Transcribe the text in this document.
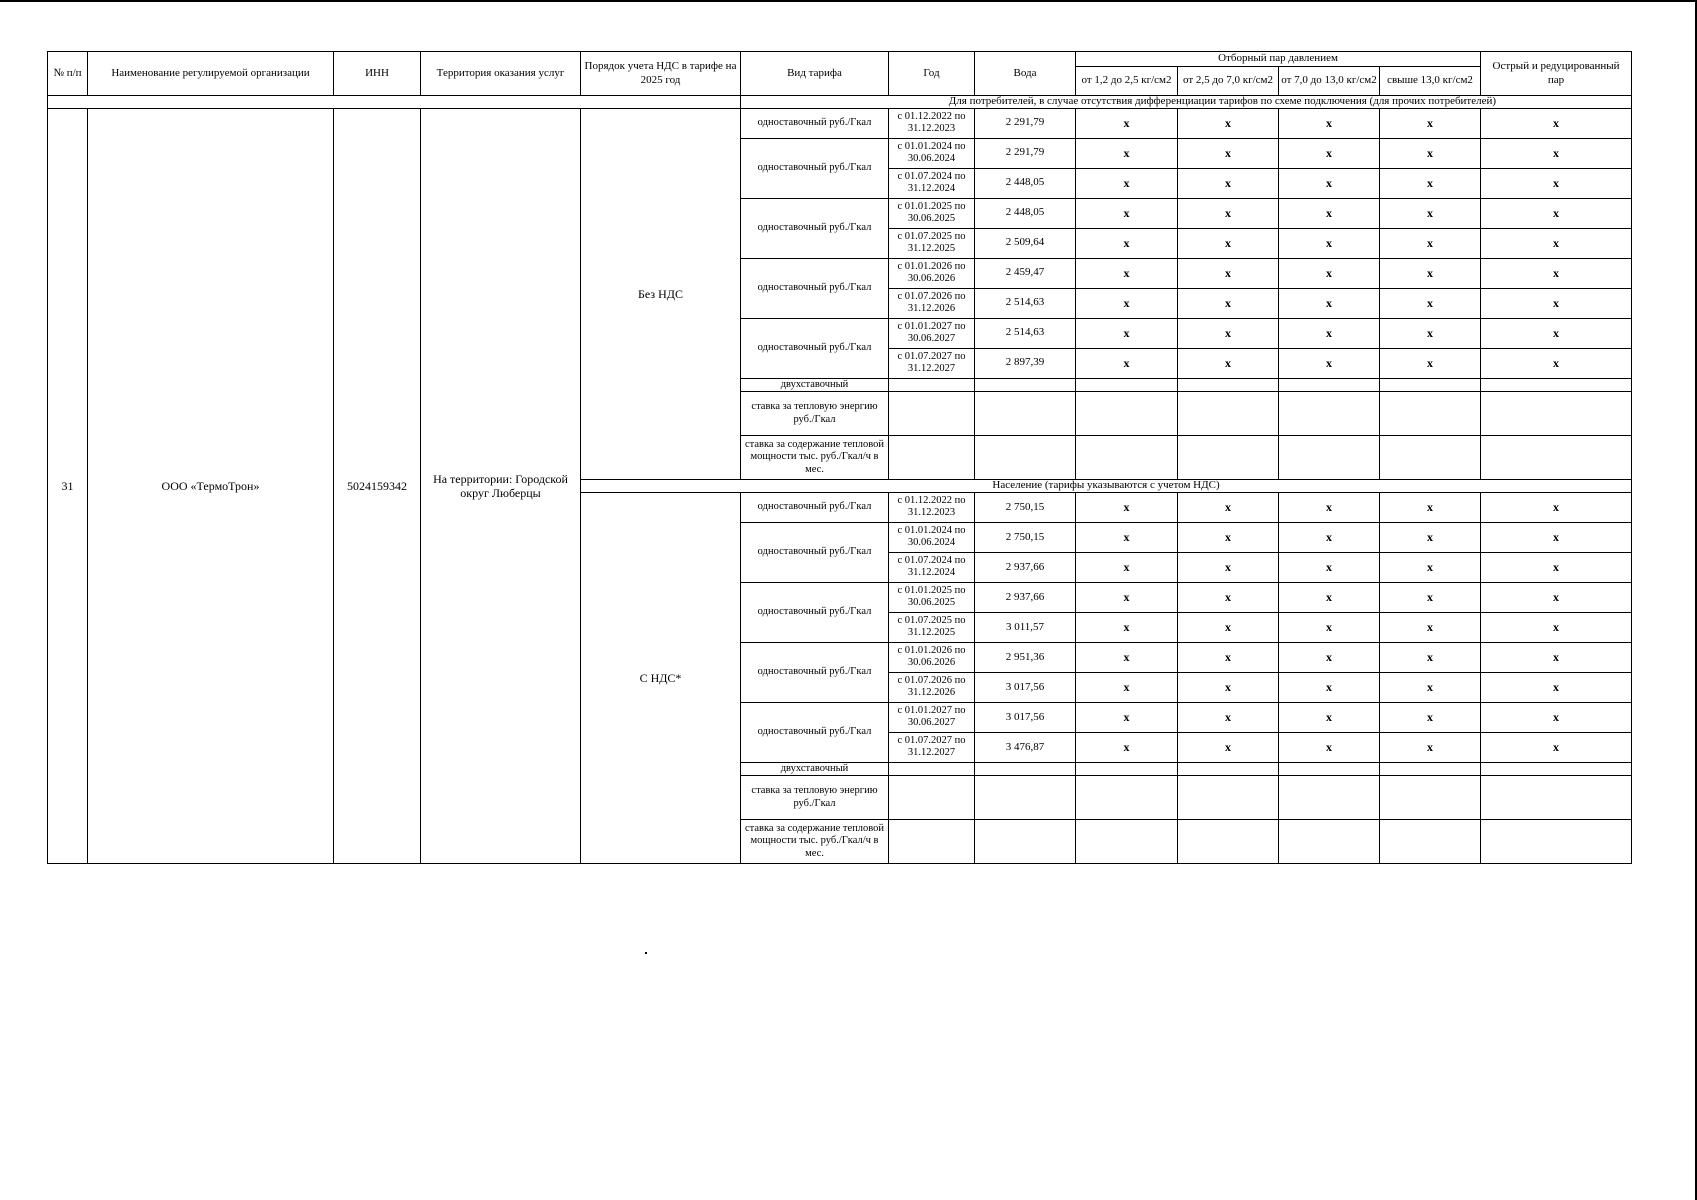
№ п/п	Наименование регулируемой организации	ИНН	Территория оказания услуг	Порядок учета НДС в тарифе на 2025 год	Вид тарифа	Год	Вода	Отборный пар давлением				Острый и редуцированный пар
								от 1,2 до 2,5 кг/см2	от 2,5 до 7,0 кг/см2	от 7,0 до 13,0 кг/см2	свыше 13,0 кг/см2	
					Для потребителей, в случае отсутствия дифференциации тарифов по схеме подключения (для прочих потребителей)							
31	ООО «ТермоТрон»	5024159342	На территории: Городской округ Люберцы	Без НДС	одноставочный руб./Гкал	с 01.12.2022 по 31.12.2023	2 291,79	x	x	x	x	x
					одноставочный руб./Гкал	с 01.01.2024 по 30.06.2024	2 291,79	x	x	x	x	x
						с 01.07.2024 по 31.12.2024	2 448,05	x	x	x	x	x
					одноставочный руб./Гкал	с 01.01.2025 по 30.06.2025	2 448,05	x	x	x	x	x
						с 01.07.2025 по 31.12.2025	2 509,64	x	x	x	x	x
					одноставочный руб./Гкал	с 01.01.2026 по 30.06.2026	2 459,47	x	x	x	x	x
						с 01.07.2026 по 31.12.2026	2 514,63	x	x	x	x	x
					одноставочный руб./Гкал	с 01.01.2027 по 30.06.2027	2 514,63	x	x	x	x	x
						с 01.07.2027 по 31.12.2027	2 897,39	x	x	x	x	x
					двухставочный							
					ставка за тепловую энергию руб./Гкал							
					ставка за содержание тепловой мощности тыс. руб./Гкал/ч в мес.							
				Население (тарифы указываются с учетом НДС)								
				С НДС*	одноставочный руб./Гкал	с 01.12.2022 по 31.12.2023	2 750,15	x	x	x	x	x
					одноставочный руб./Гкал	с 01.01.2024 по 30.06.2024	2 750,15	x	x	x	x	x
						с 01.07.2024 по 31.12.2024	2 937,66	x	x	x	x	x
					одноставочный руб./Гкал	с 01.01.2025 по 30.06.2025	2 937,66	x	x	x	x	x
						с 01.07.2025 по 31.12.2025	3 011,57	x	x	x	x	x
					одноставочный руб./Гкал	с 01.01.2026 по 30.06.2026	2 951,36	x	x	x	x	x
						с 01.07.2026 по 31.12.2026	3 017,56	x	x	x	x	x
					одноставочный руб./Гкал	с 01.01.2027 по 30.06.2027	3 017,56	x	x	x	x	x
						с 01.07.2027 по 31.12.2027	3 476,87	x	x	x	x	x
					двухставочный							
					ставка за тепловую энергию руб./Гкал							
					ставка за содержание тепловой мощности тыс. руб./Гкал/ч в мес.							
